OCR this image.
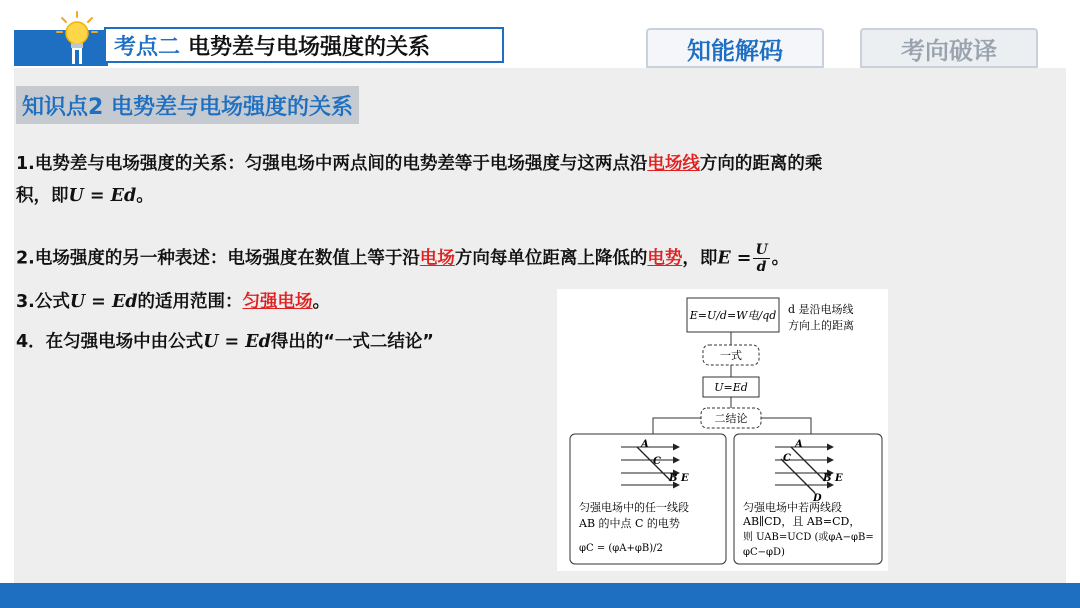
考点二 电势差与电场强度的关系	知能解码	考向破译
知识点2 电势差与电场强度的关系
1.电势差与电场强度的关系：匀强电场中两点间的电势差等于电场强度与这两点沿电场线方向的距离的乘
积，即U = Ed。
2.电场强度的另一种表述：电场强度在数值上等于沿电场方向每单位距离上降低的电势，即$E = \frac{U}{d}$ 。
3.公式U = Ed的适用范围：匀强电场。
4．在匀强电场中由公式U = Ed得出的“一式二结论”
E=U/d=W电/qd d 是沿电场线
方向上的距离
一式
U=Ed
二结论
A
C
B E
匀强电场中的任一线段
AB 的中点 C 的电势
φC = (φA+φB)/2
A
C
B E
D
匀强电场中若两线段
AB∥CD，且 AB=CD，
则 UAB=UCD (或φA−φB=
φC−φD)
